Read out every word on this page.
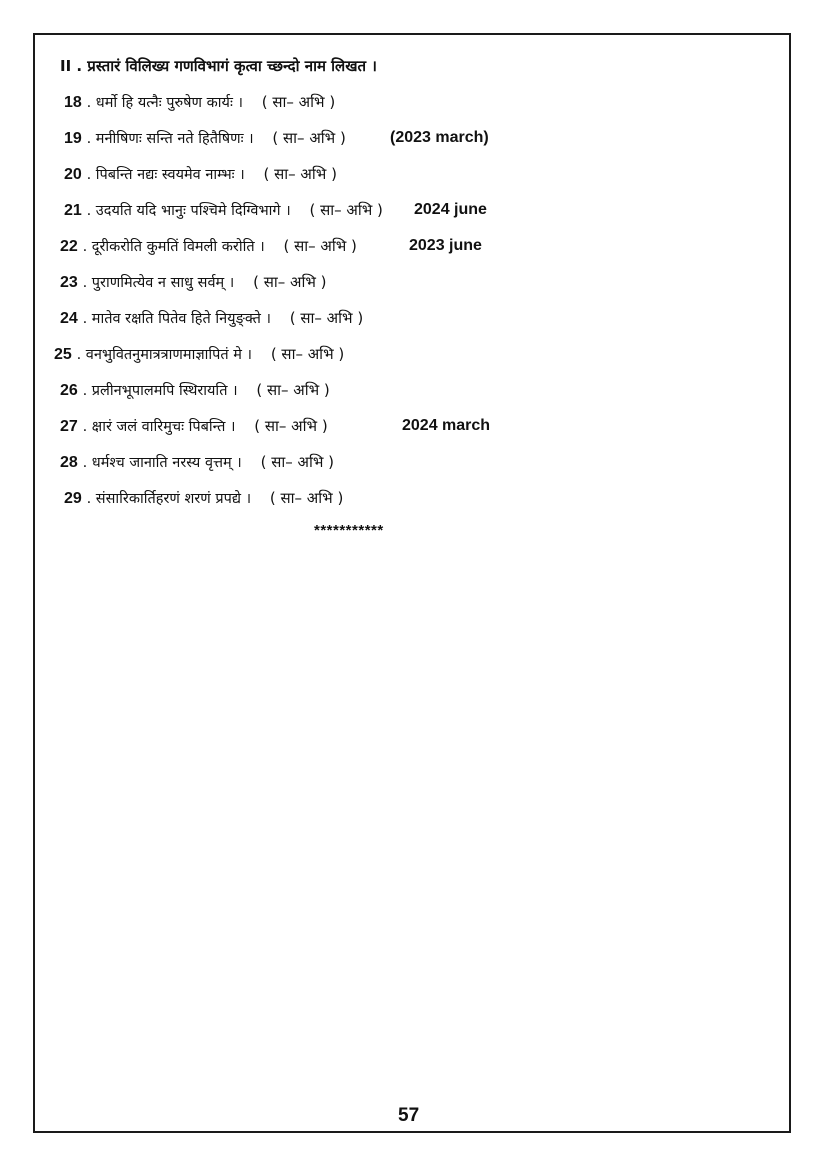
II . प्रस्तारं विलिख्य गणविभागं कृत्वा च्छन्दो नाम लिखत ।
18 . धर्मो हि यत्नैः पुरुषेण कार्यः । ( सा– अभि )
19 . मनीषिणः सन्ति नते हितैषिणः । ( सा– अभि )	(2023 march)
20 . पिबन्ति नद्यः स्वयमेव नाम्भः । ( सा– अभि )
21 . उदयति यदि भानुः पश्चिमे दिग्विभागे । ( सा– अभि ) 2024 june
22 . दूरीकरोति कुमतिं विमली करोति । ( सा– अभि )	2023 june
23 . पुराणमित्येव न साधु सर्वम् । ( सा– अभि )
24 . मातेव रक्षति पितेव हिते नियुङ्क्ते । ( सा– अभि )
25 . वनभुवितनुमात्रत्राणमाज्ञापितं मे । ( सा– अभि )
26 . प्रलीनभूपालमपि स्थिरायति । ( सा– अभि )
27 . क्षारं जलं वारिमुचः पिबन्ति । ( सा– अभि )	2024 march
28 . धर्मश्च जानाति नरस्य वृत्तम् । ( सा– अभि )
29 . संसारिकार्तिहरणं शरणं प्रपद्ये । ( सा– अभि )
***********
57
